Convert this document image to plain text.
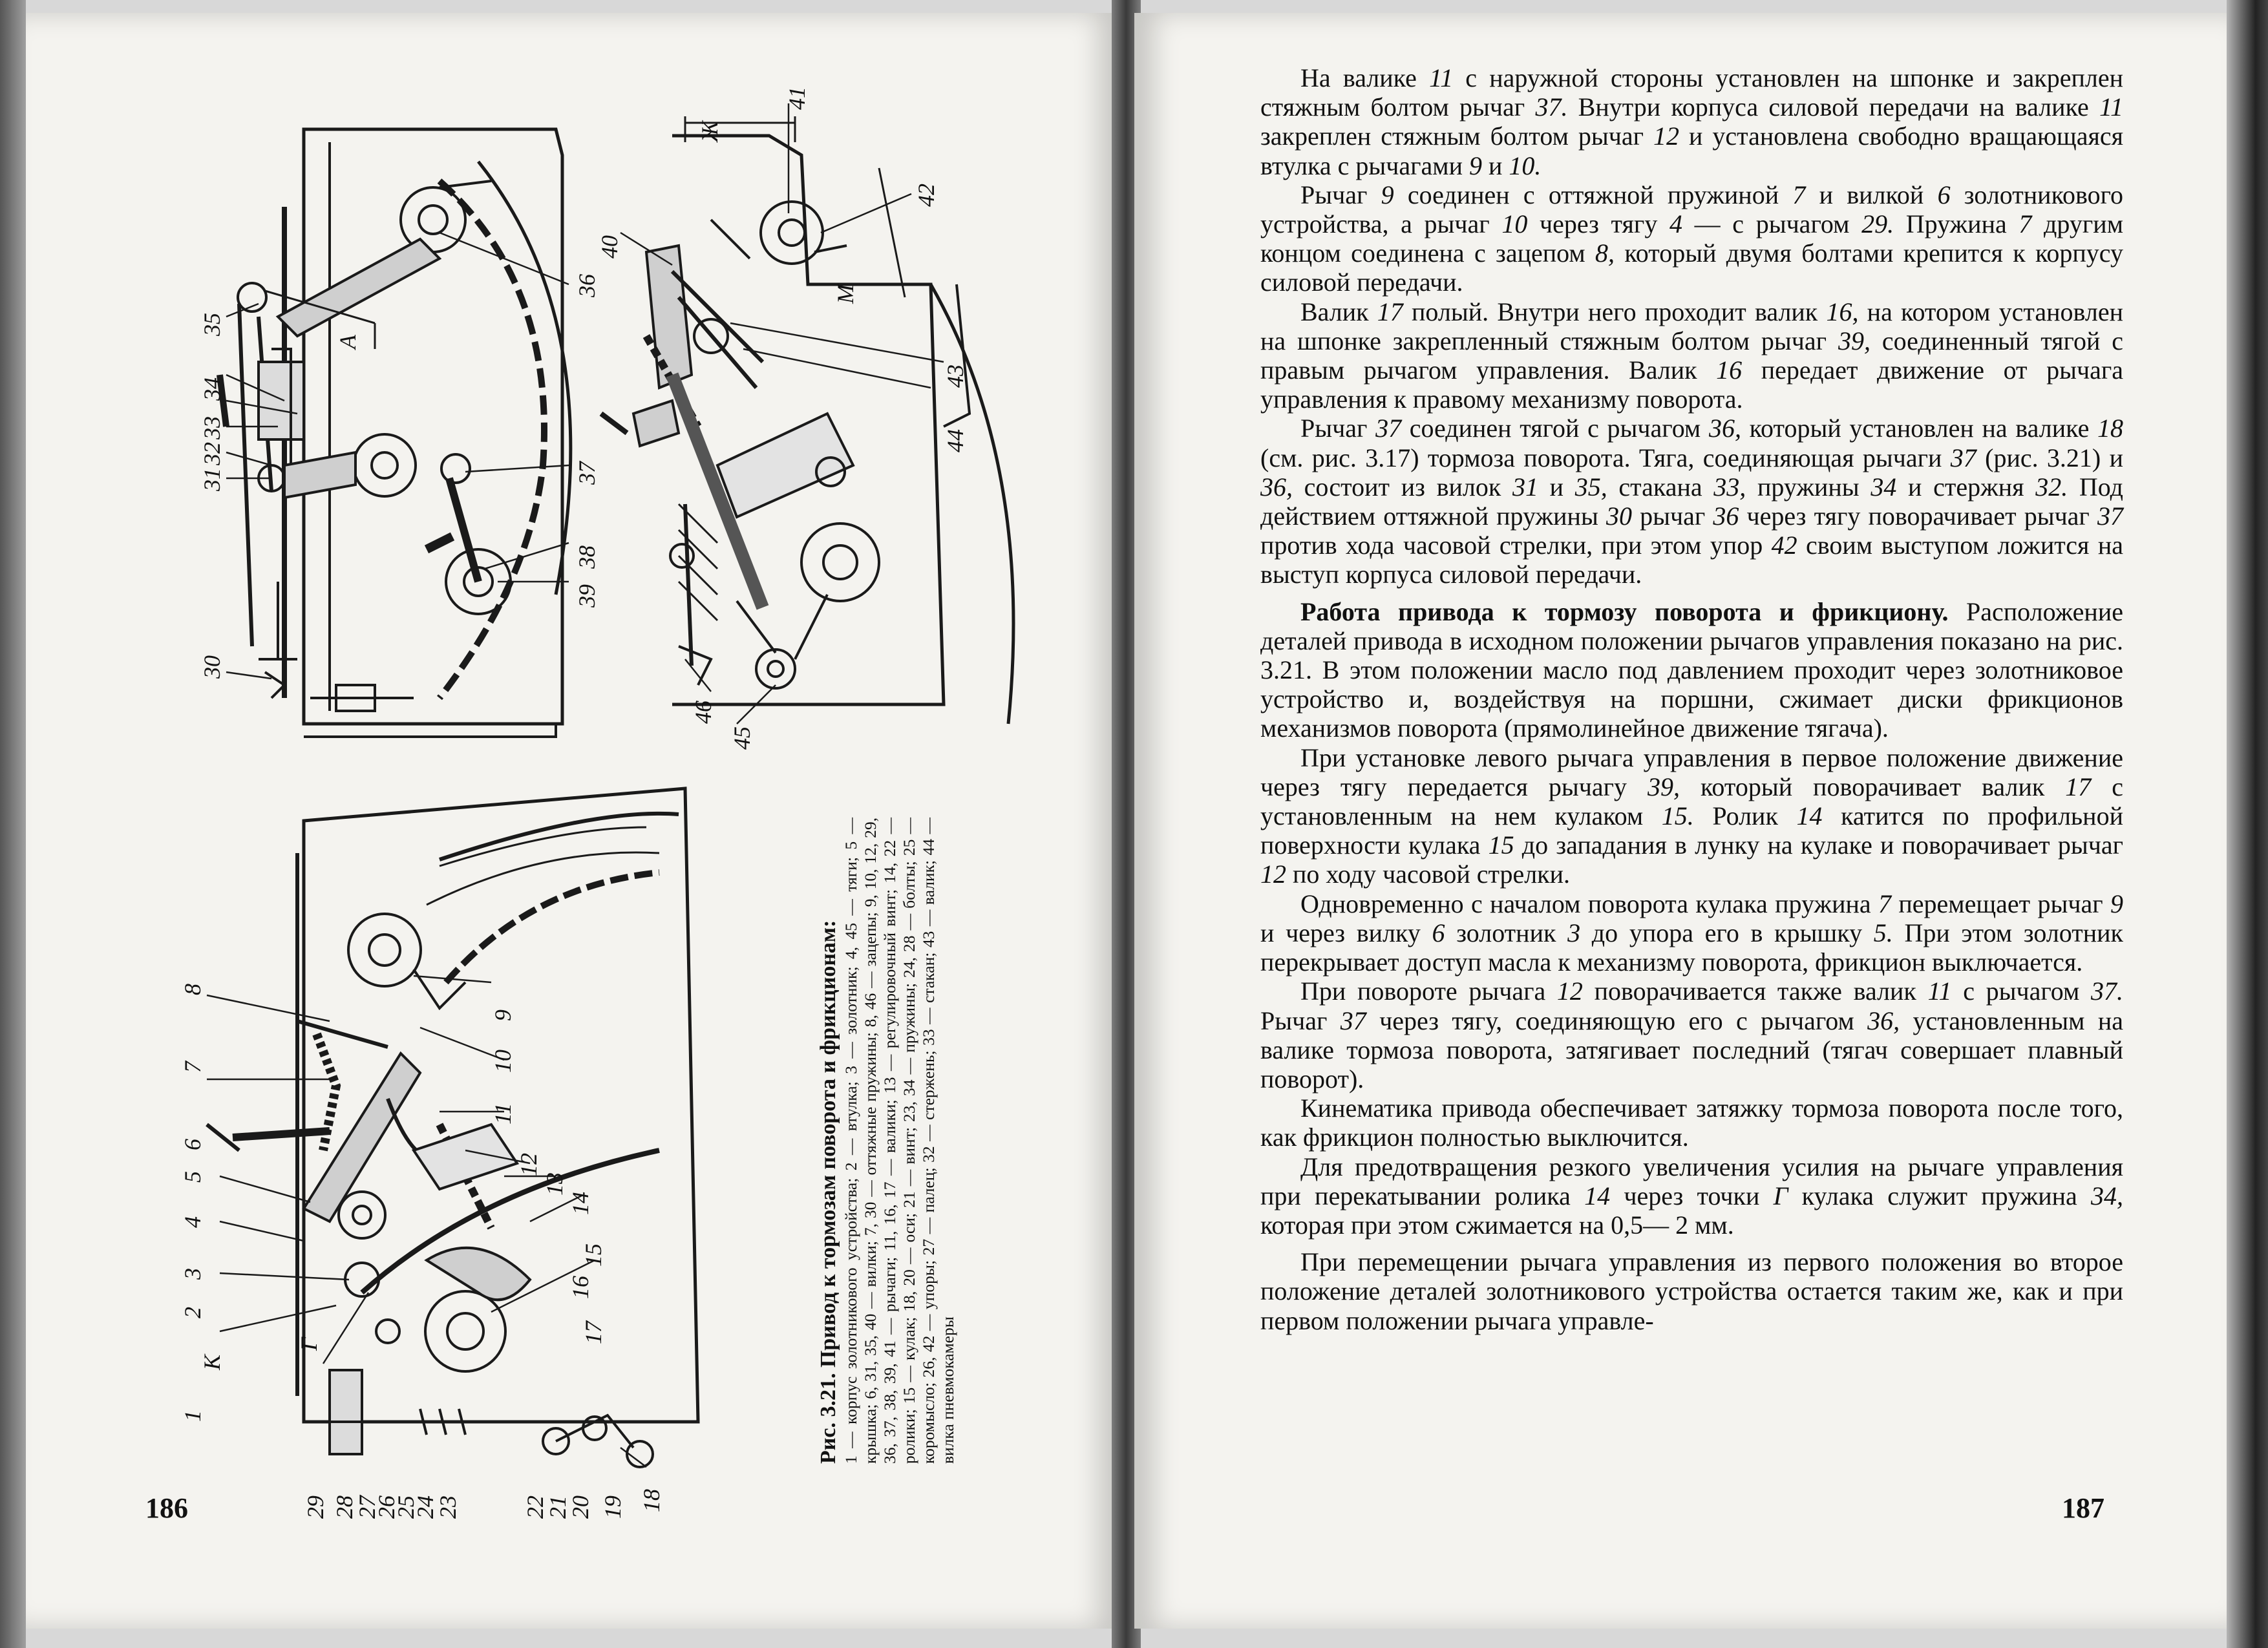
30
31
32
33
34
35
36
37
38
39
40
41
42
43
44
45
46
А
Ж
М
1
2
3
4
5
6
7
8
9
10
11
12
13
14
15
16
17
18
19
20
21
22
23
24
25
26
27
28
29
К
Г	Рис. 3.21. Привод к тормозам поворота и фрикционам: 1 — корпус золотникового устройства; 2 — втулка; 3 — золотник; 4, 45 — тяги; 5 — крышка; 6, 31, 35, 40 — вилки; 7, 30 — оттяжные пружины; 8, 46 — зацепы; 9, 10, 12, 29, 36, 37, 38, 39, 41 — рычаги; 11, 16, 17 — валики; 13 — регулировочный винт; 14, 22 — ролики; 15 — кулак; 18, 20 — оси; 21 — винт; 23, 34 — пружины; 24, 28 — болты; 25 — коромысло; 26, 42 — упоры; 27 — палец; 32 — стержень; 33 — стакан; 43 — валик; 44 — вилка пневмокамеры
186

На валике 11 с наружной стороны установлен на шпонке и закреплен стяжным болтом рычаг 37. Внутри корпуса силовой передачи на валике 11 закреплен стяжным болтом рычаг 12 и установлена свободно вращающаяся втулка с рычагами 9 и 10.

Рычаг 9 соединен с оттяжной пружиной 7 и вилкой 6 золотникового устройства, а рычаг 10 через тягу 4 — с рычагом 29. Пружина 7 другим концом соединена с зацепом 8, который двумя болтами крепится к корпусу силовой передачи.

Валик 17 полый. Внутри него проходит валик 16, на котором установлен на шпонке закрепленный стяжным болтом рычаг 39, соединенный тягой с правым рычагом управления. Валик 16 передает движение от рычага управления к правому механизму поворота.

Рычаг 37 соединен тягой с рычагом 36, который установлен на валике 18 (см. рис. 3.17) тормоза поворота. Тяга, соединяющая рычаги 37 (рис. 3.21) и 36, состоит из вилок 31 и 35, стакана 33, пружины 34 и стержня 32. Под действием оттяжной пружины 30 рычаг 36 через тягу поворачивает рычаг 37 против хода часовой стрелки, при этом упор 42 своим выступом ложится на выступ корпуса силовой передачи.

Работа привода к тормозу поворота и фрикциону. Расположение деталей привода в исходном положении рычагов управления показано на рис. 3.21. В этом положении масло под давлением проходит через золотниковое устройство и, воздействуя на поршни, сжимает диски фрикционов механизмов поворота (прямолинейное движение тягача).

При установке левого рычага управления в первое положение движение через тягу передается рычагу 39, который поворачивает валик 17 с установленным на нем кулаком 15. Ролик 14 катится по профильной поверхности кулака 15 до западания в лунку на кулаке и поворачивает рычаг 12 по ходу часовой стрелки.

Одновременно с началом поворота кулака пружина 7 перемещает рычаг 9 и через вилку 6 золотник 3 до упора его в крышку 5. При этом золотник перекрывает доступ масла к механизму поворота, фрикцион выключается.

При повороте рычага 12 поворачивается также валик 11 с рычагом 37. Рычаг 37 через тягу, соединяющую его с рычагом 36, установленным на валике тормоза поворота, затягивает последний (тягач совершает плавный поворот).

Кинематика привода обеспечивает затяжку тормоза поворота после того, как фрикцион полностью выключится.

Для предотвращения резкого увеличения усилия на рычаге управления при перекатывании ролика 14 через точки Г кулака служит пружина 34, которая при этом сжимается на 0,5— 2 мм.

При перемещении рычага управления из первого положения во второе положение деталей золотникового устройства остается таким же, как и при первом положении рычага управле-

187
